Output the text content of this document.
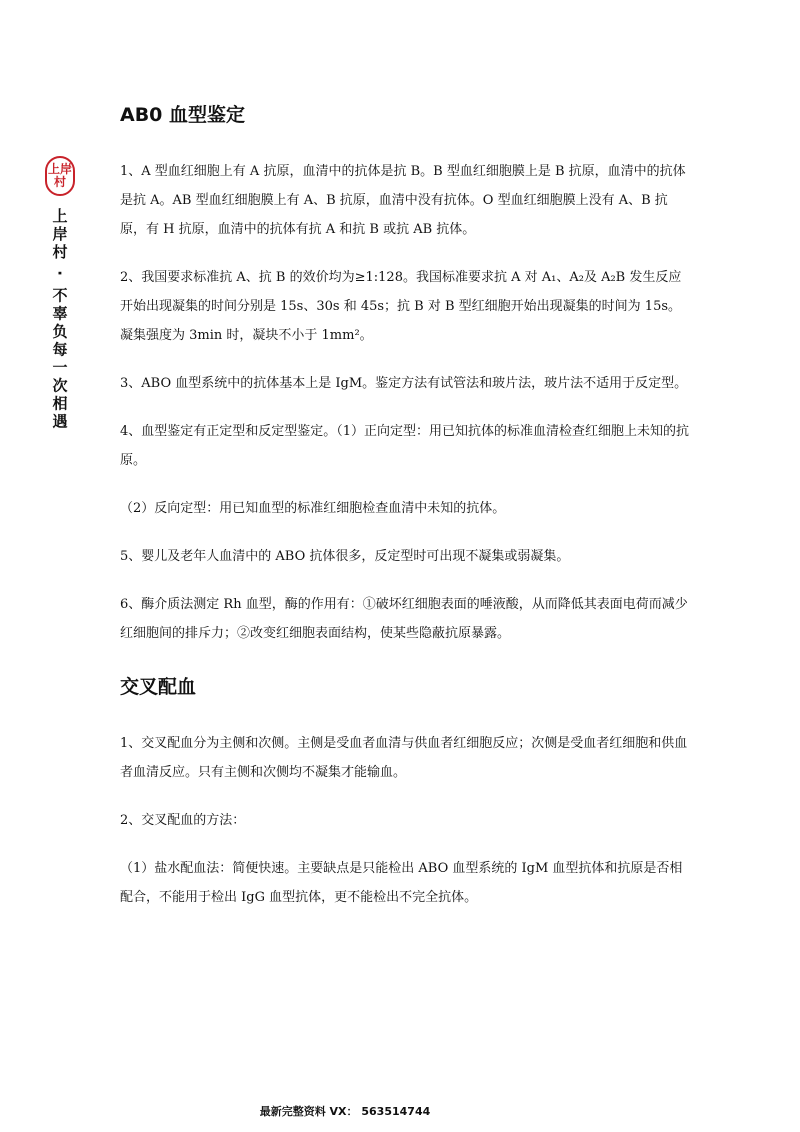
上岸
村
上岸村 · 不辜负每一次相遇
AB0 血型鉴定

1、A 型血红细胞上有 A 抗原，血清中的抗体是抗 B。B 型血红细胞膜上是 B 抗原，血清中的抗体是抗 A。AB 型血红细胞膜上有 A、B 抗原，血清中没有抗体。O 型血红细胞膜上没有 A、B 抗原，有 H 抗原，血清中的抗体有抗 A 和抗 B 或抗 AB 抗体。

2、我国要求标准抗 A、抗 B 的效价均为≥1:128。我国标准要求抗 A 对 A₁、A₂及 A₂B 发生反应开始出现凝集的时间分别是 15s、30s 和 45s；抗 B 对 B 型红细胞开始出现凝集的时间为 15s。凝集强度为 3min 时，凝块不小于 1mm²。

3、ABO 血型系统中的抗体基本上是 IgM。鉴定方法有试管法和玻片法，玻片法不适用于反定型。

4、血型鉴定有正定型和反定型鉴定。（1）正向定型：用已知抗体的标准血清检查红细胞上未知的抗原。

（2）反向定型：用已知血型的标准红细胞检查血清中未知的抗体。

5、婴儿及老年人血清中的 ABO 抗体很多，反定型时可出现不凝集或弱凝集。

6、酶介质法测定 Rh 血型，酶的作用有：①破坏红细胞表面的唾液酸，从而降低其表面电荷而减少红细胞间的排斥力；②改变红细胞表面结构，使某些隐蔽抗原暴露。

交叉配血

1、交叉配血分为主侧和次侧。主侧是受血者血清与供血者红细胞反应；次侧是受血者红细胞和供血者血清反应。只有主侧和次侧均不凝集才能输血。

2、交叉配血的方法：

（1）盐水配血法：简便快速。主要缺点是只能检出 ABO 血型系统的 IgM 血型抗体和抗原是否相配合，不能用于检出 IgG 血型抗体，更不能检出不完全抗体。

最新完整资料 VX： 563514744
